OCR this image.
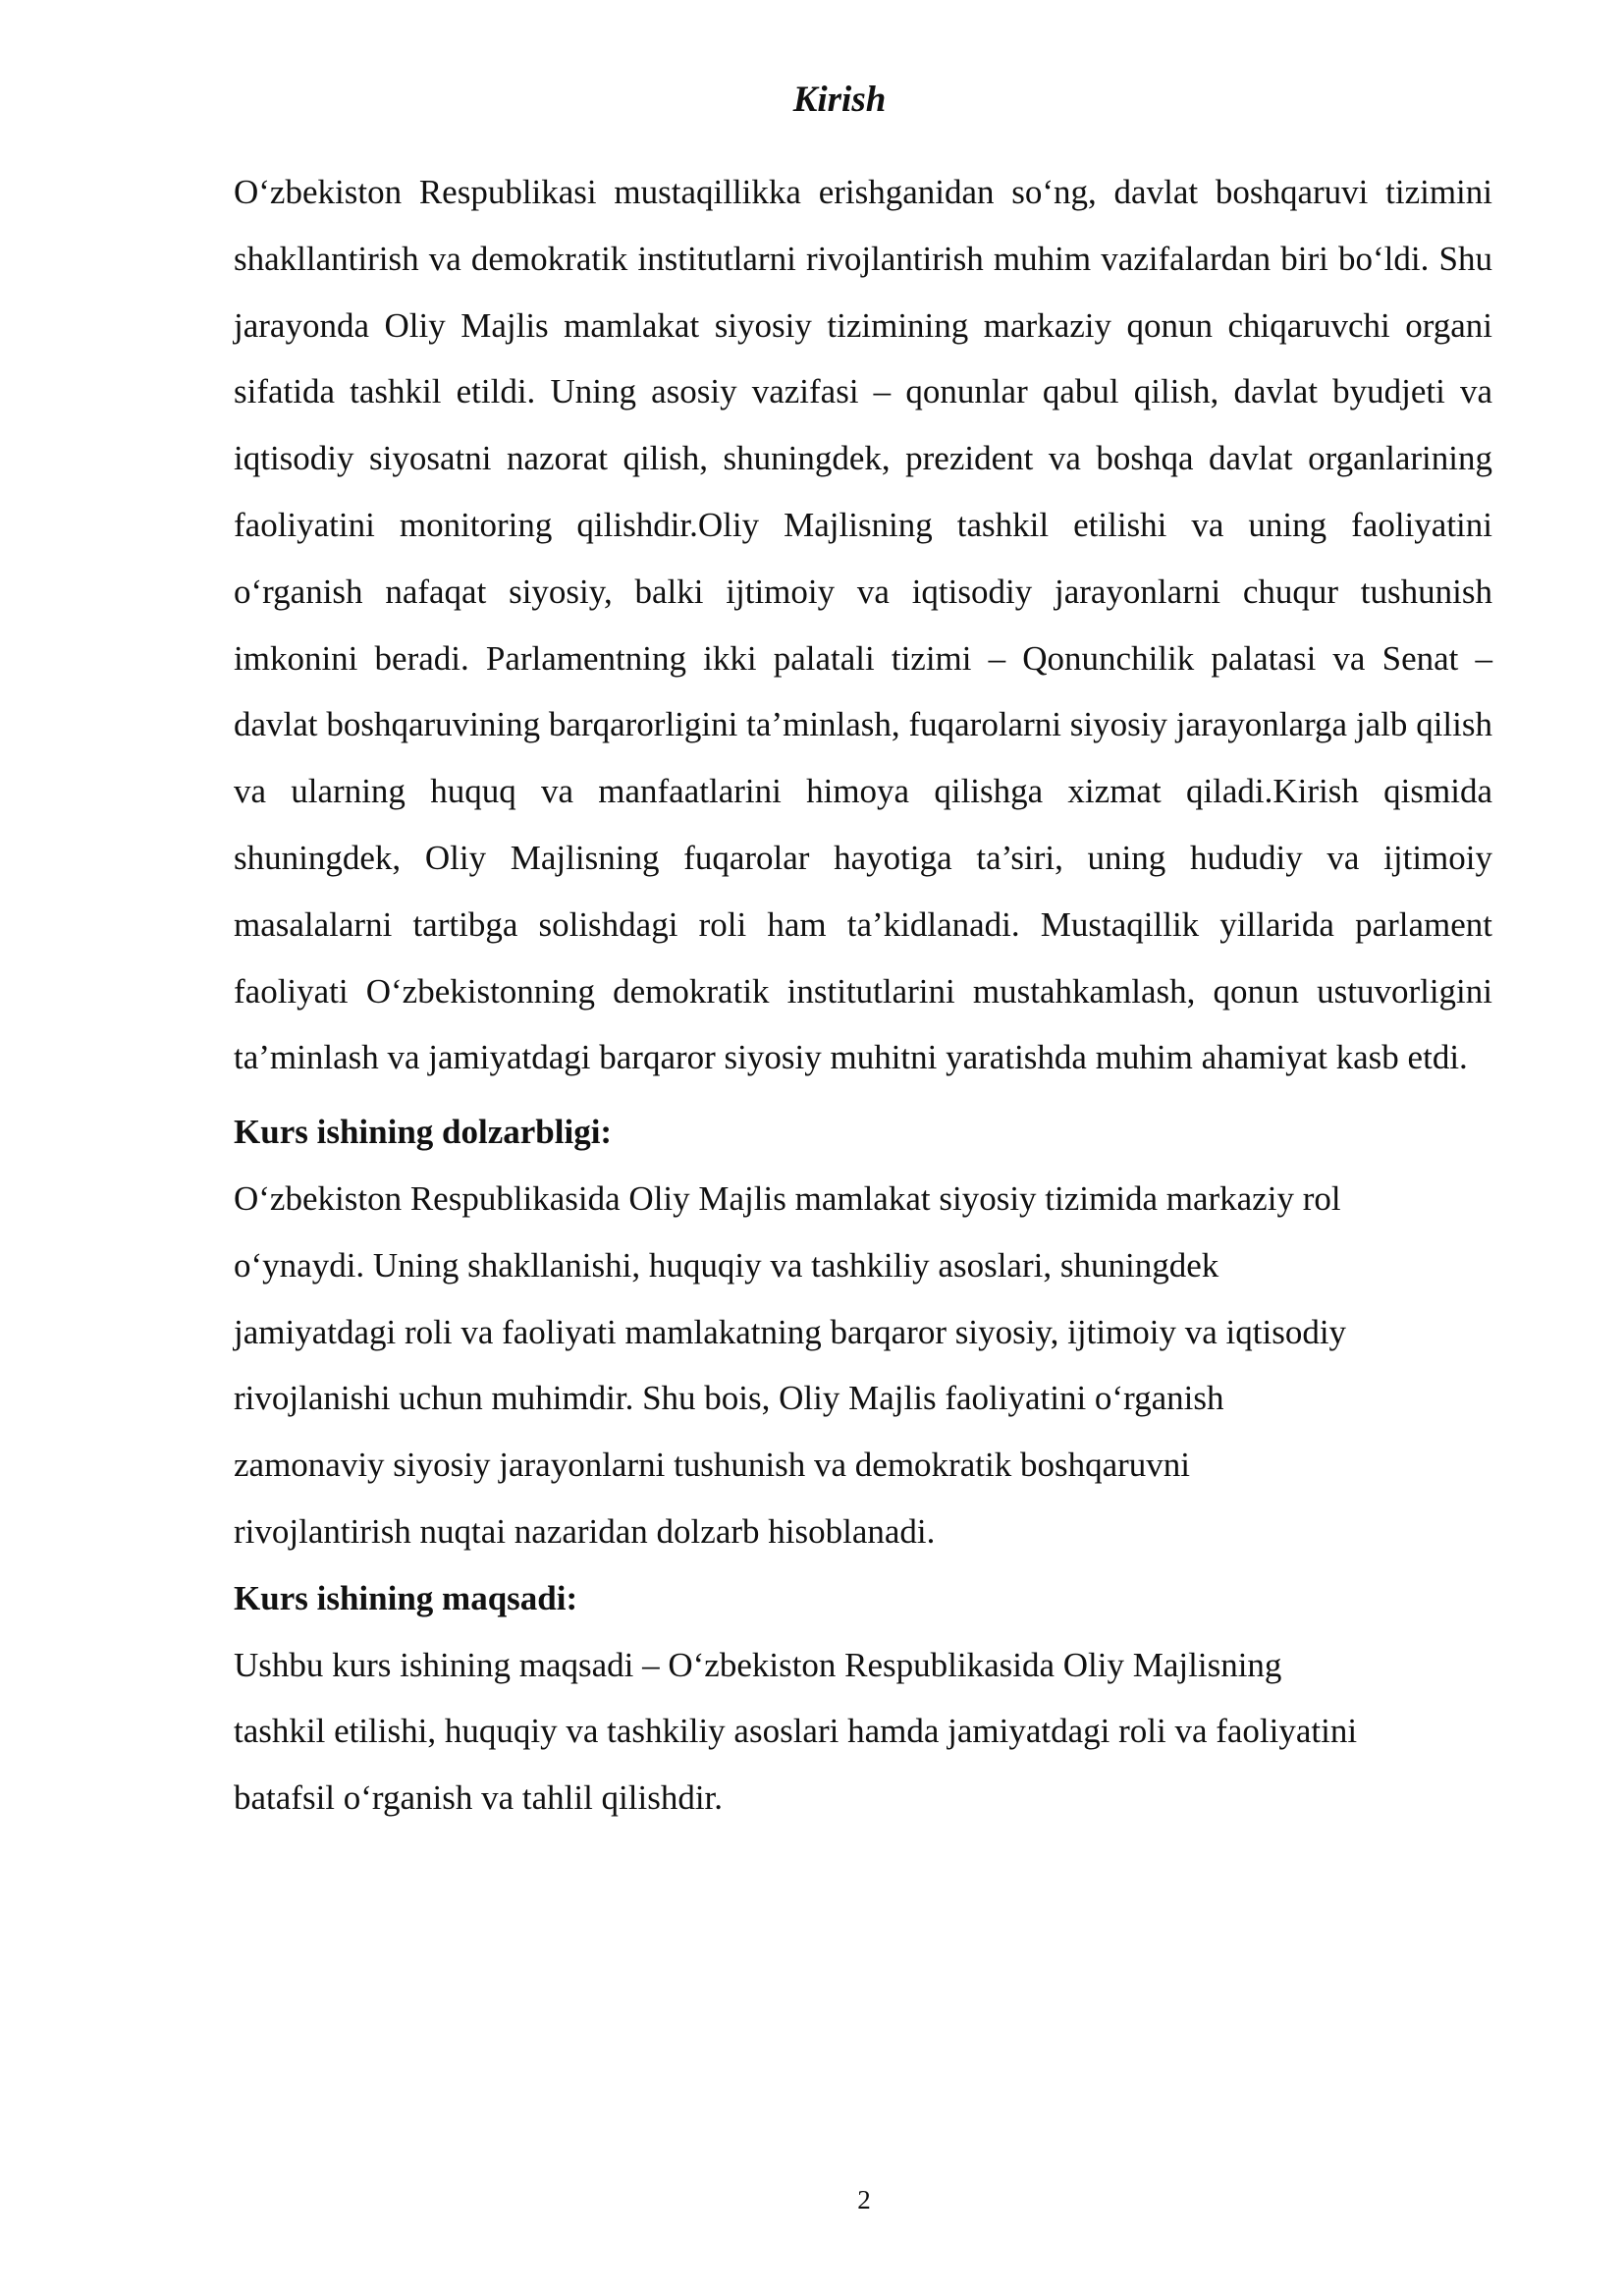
Kirish

O‘zbekiston Respublikasi mustaqillikka erishganidan so‘ng, davlat boshqaruvi tizimini shakllantirish va demokratik institutlarni rivojlantirish muhim vazifalardan biri bo‘ldi. Shu jarayonda Oliy Majlis mamlakat siyosiy tizimining markaziy qonun chiqaruvchi organi sifatida tashkil etildi. Uning asosiy vazifasi – qonunlar qabul qilish, davlat byudjeti va iqtisodiy siyosatni nazorat qilish, shuningdek, prezident va boshqa davlat organlarining faoliyatini monitoring qilishdir.Oliy Majlisning tashkil etilishi va uning faoliyatini o‘rganish nafaqat siyosiy, balki ijtimoiy va iqtisodiy jarayonlarni chuqur tushunish imkonini beradi. Parlamentning ikki palatali tizimi – Qonunchilik palatasi va Senat – davlat boshqaruvining barqarorligini ta’minlash, fuqarolarni siyosiy jarayonlarga jalb qilish va ularning huquq va manfaatlarini himoya qilishga xizmat qiladi.Kirish qismida shuningdek, Oliy Majlisning fuqarolar hayotiga ta’siri, uning hududiy va ijtimoiy masalalarni tartibga solishdagi roli ham ta’kidlanadi. Mustaqillik yillarida parlament faoliyati O‘zbekistonning demokratik institutlarini mustahkamlash, qonun ustuvorligini ta’minlash va jamiyatdagi barqaror siyosiy muhitni yaratishda muhim ahamiyat kasb etdi.

Kurs ishining dolzarbligi:
O‘zbekiston Respublikasida Oliy Majlis mamlakat siyosiy tizimida markaziy rol
o‘ynaydi. Uning shakllanishi, huquqiy va tashkiliy asoslari, shuningdek
jamiyatdagi roli va faoliyati mamlakatning barqaror siyosiy, ijtimoiy va iqtisodiy
rivojlanishi uchun muhimdir. Shu bois, Oliy Majlis faoliyatini o‘rganish
zamonaviy siyosiy jarayonlarni tushunish va demokratik boshqaruvni
rivojlantirish nuqtai nazaridan dolzarb hisoblanadi.
Kurs ishining maqsadi:
Ushbu kurs ishining maqsadi – O‘zbekiston Respublikasida Oliy Majlisning
tashkil etilishi, huquqiy va tashkiliy asoslari hamda jamiyatdagi roli va faoliyatini
batafsil o‘rganish va tahlil qilishdir.
2
